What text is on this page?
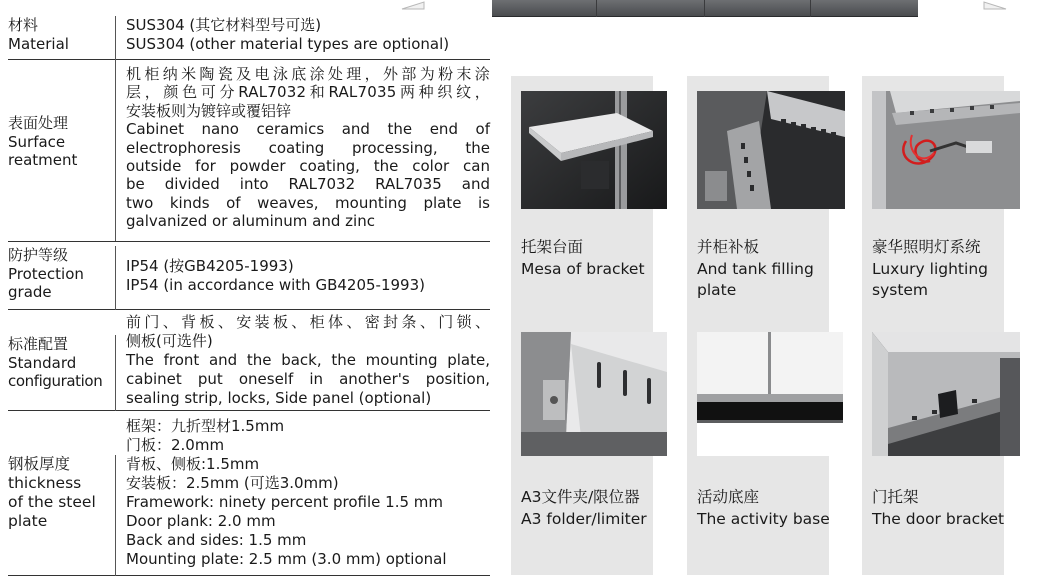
材料
Material
SUS304 (其它材料型号可选)
SUS304 (other material types are optional)
表面处理
Surface
reatment
机柜纳米陶瓷及电泳底涂处理，外部为粉末涂
层，颜色可分RAL7032和RAL7035两种织纹，
安装板则为镀锌或覆铝锌
Cabinet nano ceramics and the end of
electrophoresis coating processing, the
outside for powder coating, the color can
be divided into RAL7032 RAL7035 and
two kinds of weaves, mounting plate is
galvanized or aluminum and zinc
防护等级
Protection
grade
IP54 (按GB4205-1993)
IP54 (in accordance with GB4205-1993)
标准配置
Standard
configuration
前门、背板、安装板、柜体、密封条、门锁、
侧板(可选件)
The front and the back, the mounting plate,
cabinet put oneself in another's position,
sealing strip, locks, Side panel (optional)
钢板厚度
thickness
of the steel
plate
框架：九折型材1.5mm
门板：2.0mm
背板、侧板:1.5mm
安装板：2.5mm (可选3.0mm)
Framework: ninety percent profile 1.5 mm
Door plank: 2.0 mm
Back and sides: 1.5 mm
Mounting plate: 2.5 mm (3.0 mm) optional
托架台面
Mesa of bracket
并柜补板
And tank filling
plate
豪华照明灯系统
Luxury lighting
system
A3文件夹/限位器
A3 folder/limiter
活动底座
The activity base
门托架
The door bracket
